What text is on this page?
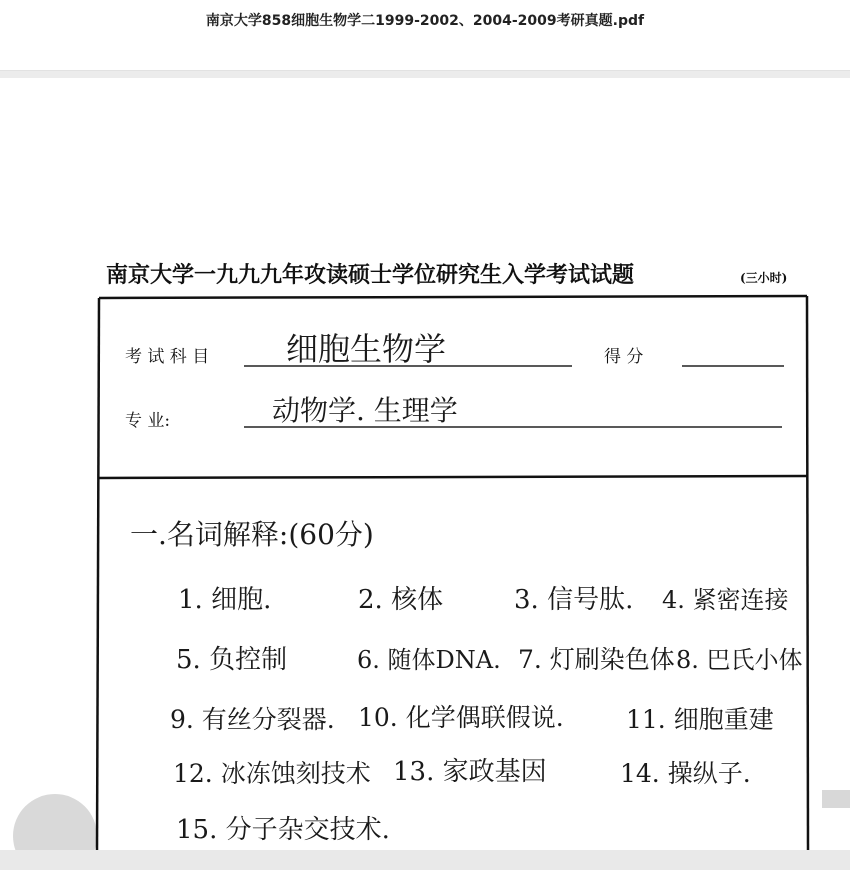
南京大学858细胞生物学二1999-2002、2004-2009考研真题.pdf
南京大学一九九九年攻读硕士学位研究生入学考试试题	(三小时)
考 试 科 目 细胞生物学	得 分
专 业:	动物学. 生理学
一.名词解释:(60分)
1. 细胞.	2. 核体	3. 信号肽. 4. 紧密连接
5. 负控制	6. 随体DNA. 7. 灯刷染色体 8. 巴氏小体
9. 有丝分裂器. 10. 化学偶联假说. 11. 细胞重建
12. 冰冻蚀刻技术 13. 家政基因	14. 操纵子.
15. 分子杂交技术.
